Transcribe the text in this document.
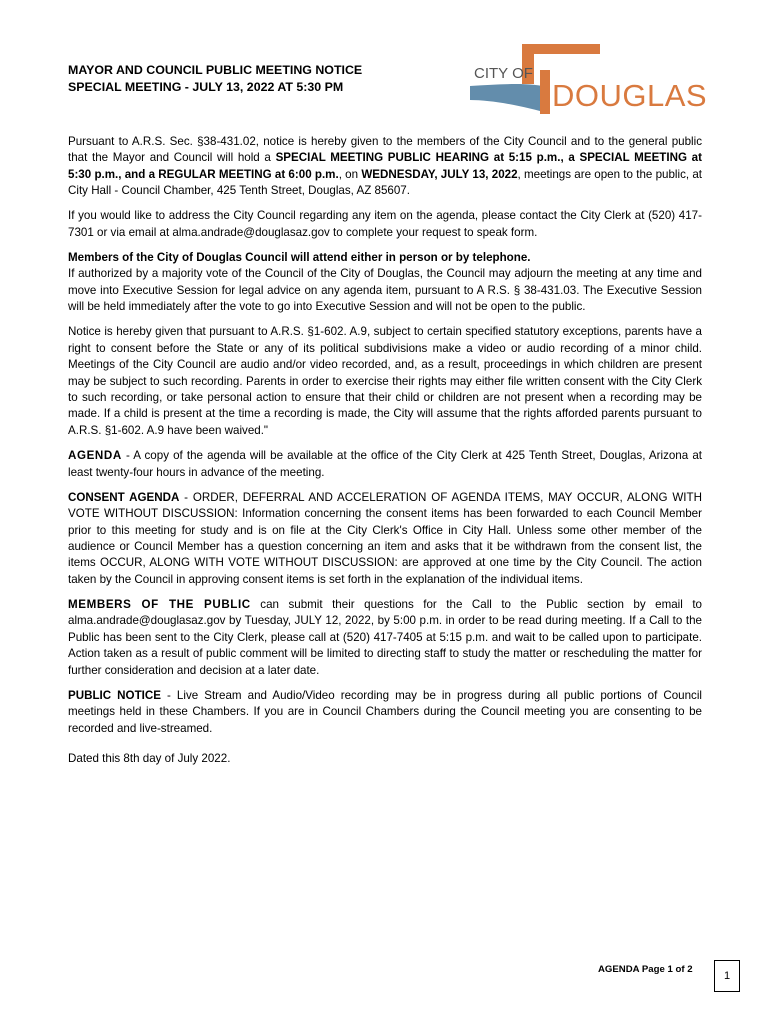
MAYOR AND COUNCIL PUBLIC MEETING NOTICE
SPECIAL MEETING - JULY 13, 2022 AT 5:30 PM
CITY OF
DOUGLAS

Pursuant to A.R.S. Sec. §38-431.02, notice is hereby given to the members of the City Council and to the general public that the Mayor and Council will hold a SPECIAL MEETING PUBLIC HEARING at 5:15 p.m., a SPECIAL MEETING at 5:30 p.m., and a REGULAR MEETING at 6:00 p.m., on WEDNESDAY, JULY 13, 2022, meetings are open to the public, at City Hall - Council Chamber, 425 Tenth Street, Douglas, AZ 85607.

If you would like to address the City Council regarding any item on the agenda, please contact the City Clerk at (520) 417-7301 or via email at alma.andrade@douglasaz.gov to complete your request to speak form.

Members of the City of Douglas Council will attend either in person or by telephone.

If authorized by a majority vote of the Council of the City of Douglas, the Council may adjourn the meeting at any time and move into Executive Session for legal advice on any agenda item, pursuant to A R.S. § 38-431.03. The Executive Session will be held immediately after the vote to go into Executive Session and will not be open to the public.

Notice is hereby given that pursuant to A.R.S. §1-602. A.9, subject to certain specified statutory exceptions, parents have a right to consent before the State or any of its political subdivisions make a video or audio recording of a minor child. Meetings of the City Council are audio and/or video recorded, and, as a result, proceedings in which children are present may be subject to such recording. Parents in order to exercise their rights may either file written consent with the City Clerk to such recording, or take personal action to ensure that their child or children are not present when a recording may be made. If a child is present at the time a recording is made, the City will assume that the rights afforded parents pursuant to A.R.S. §1-602. A.9 have been waived."

AGENDA - A copy of the agenda will be available at the office of the City Clerk at 425 Tenth Street, Douglas, Arizona at least twenty-four hours in advance of the meeting.

CONSENT AGENDA - ORDER, DEFERRAL AND ACCELERATION OF AGENDA ITEMS, MAY OCCUR, ALONG WITH VOTE WITHOUT DISCUSSION: Information concerning the consent items has been forwarded to each Council Member prior to this meeting for study and is on file at the City Clerk's Office in City Hall. Unless some other member of the audience or Council Member has a question concerning an item and asks that it be withdrawn from the consent list, the items OCCUR, ALONG WITH VOTE WITHOUT DISCUSSION: are approved at one time by the City Council. The action taken by the Council in approving consent items is set forth in the explanation of the individual items.

MEMBERS OF THE PUBLIC can submit their questions for the Call to the Public section by email to alma.andrade@douglasaz.gov by Tuesday, JULY 12, 2022, by 5:00 p.m. in order to be read during meeting. If a Call to the Public has been sent to the City Clerk, please call at (520) 417-7405 at 5:15 p.m. and wait to be called upon to participate. Action taken as a result of public comment will be limited to directing staff to study the matter or rescheduling the matter for further consideration and decision at a later date.

PUBLIC NOTICE - Live Stream and Audio/Video recording may be in progress during all public portions of Council meetings held in these Chambers. If you are in Council Chambers during the Council meeting you are consenting to be recorded and live-streamed.

Dated this 8th day of July 2022.

AGENDA Page 1 of 2
1
